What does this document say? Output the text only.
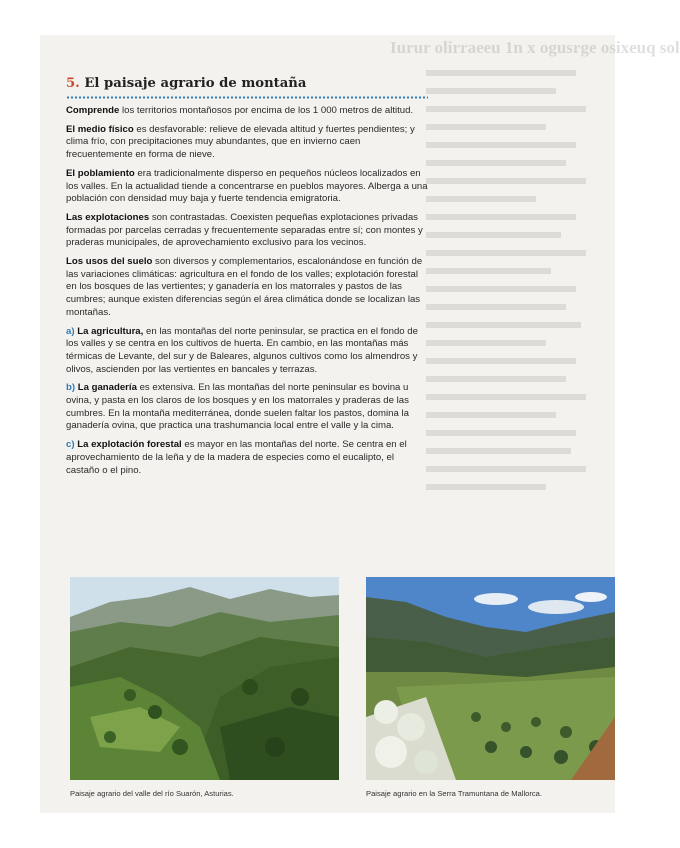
Iurur olirraeeu 1n x ogusrge osixeuq sol
5. El paisaje agrario de montaña

Comprende los territorios montañosos por encima de los 1 000 metros de altitud.

El medio físico es desfavorable: relieve de elevada altitud y fuertes pendientes; y clima frío, con precipitaciones muy abundantes, que en invierno caen frecuentemente en forma de nieve.

El poblamiento era tradicionalmente disperso en pequeños núcleos localizados en los valles. En la actualidad tiende a concentrarse en pueblos mayores. Alberga a una población con densidad muy baja y fuerte tendencia emigratoria.

Las explotaciones son contrastadas. Coexisten pequeñas explotaciones privadas formadas por parcelas cerradas y frecuentemente separadas entre sí; con montes y praderas municipales, de aprovechamiento exclusivo para los vecinos.

Los usos del suelo son diversos y complementarios, escalonándose en función de las variaciones climáticas: agricultura en el fondo de los valles; explotación forestal en los bosques de las vertientes; y ganadería en los matorrales y pastos de las cumbres; aunque existen diferencias según el área climática donde se localizan las montañas.

a) La agricultura, en las montañas del norte peninsular, se practica en el fondo de los valles y se centra en los cultivos de huerta. En cambio, en las montañas más térmicas de Levante, del sur y de Baleares, algunos cultivos como los almendros y olivos, ascienden por las vertientes en bancales y terrazas.

b) La ganadería es extensiva. En las montañas del norte peninsular es bovina u ovina, y pasta en los claros de los bosques y en los matorrales y praderas de las cumbres. En la montaña mediterránea, donde suelen faltar los pastos, domina la ganadería ovina, que practica una trashumancia local entre el valle y la cima.

c) La explotación forestal es mayor en las montañas del norte. Se centra en el aprovechamiento de la leña y de la madera de especies como el eucalipto, el castaño o el pino.

Paisaje agrario del valle del río Suarón, Asturias.	Paisaje agrario en la Serra Tramuntana de Mallorca.
